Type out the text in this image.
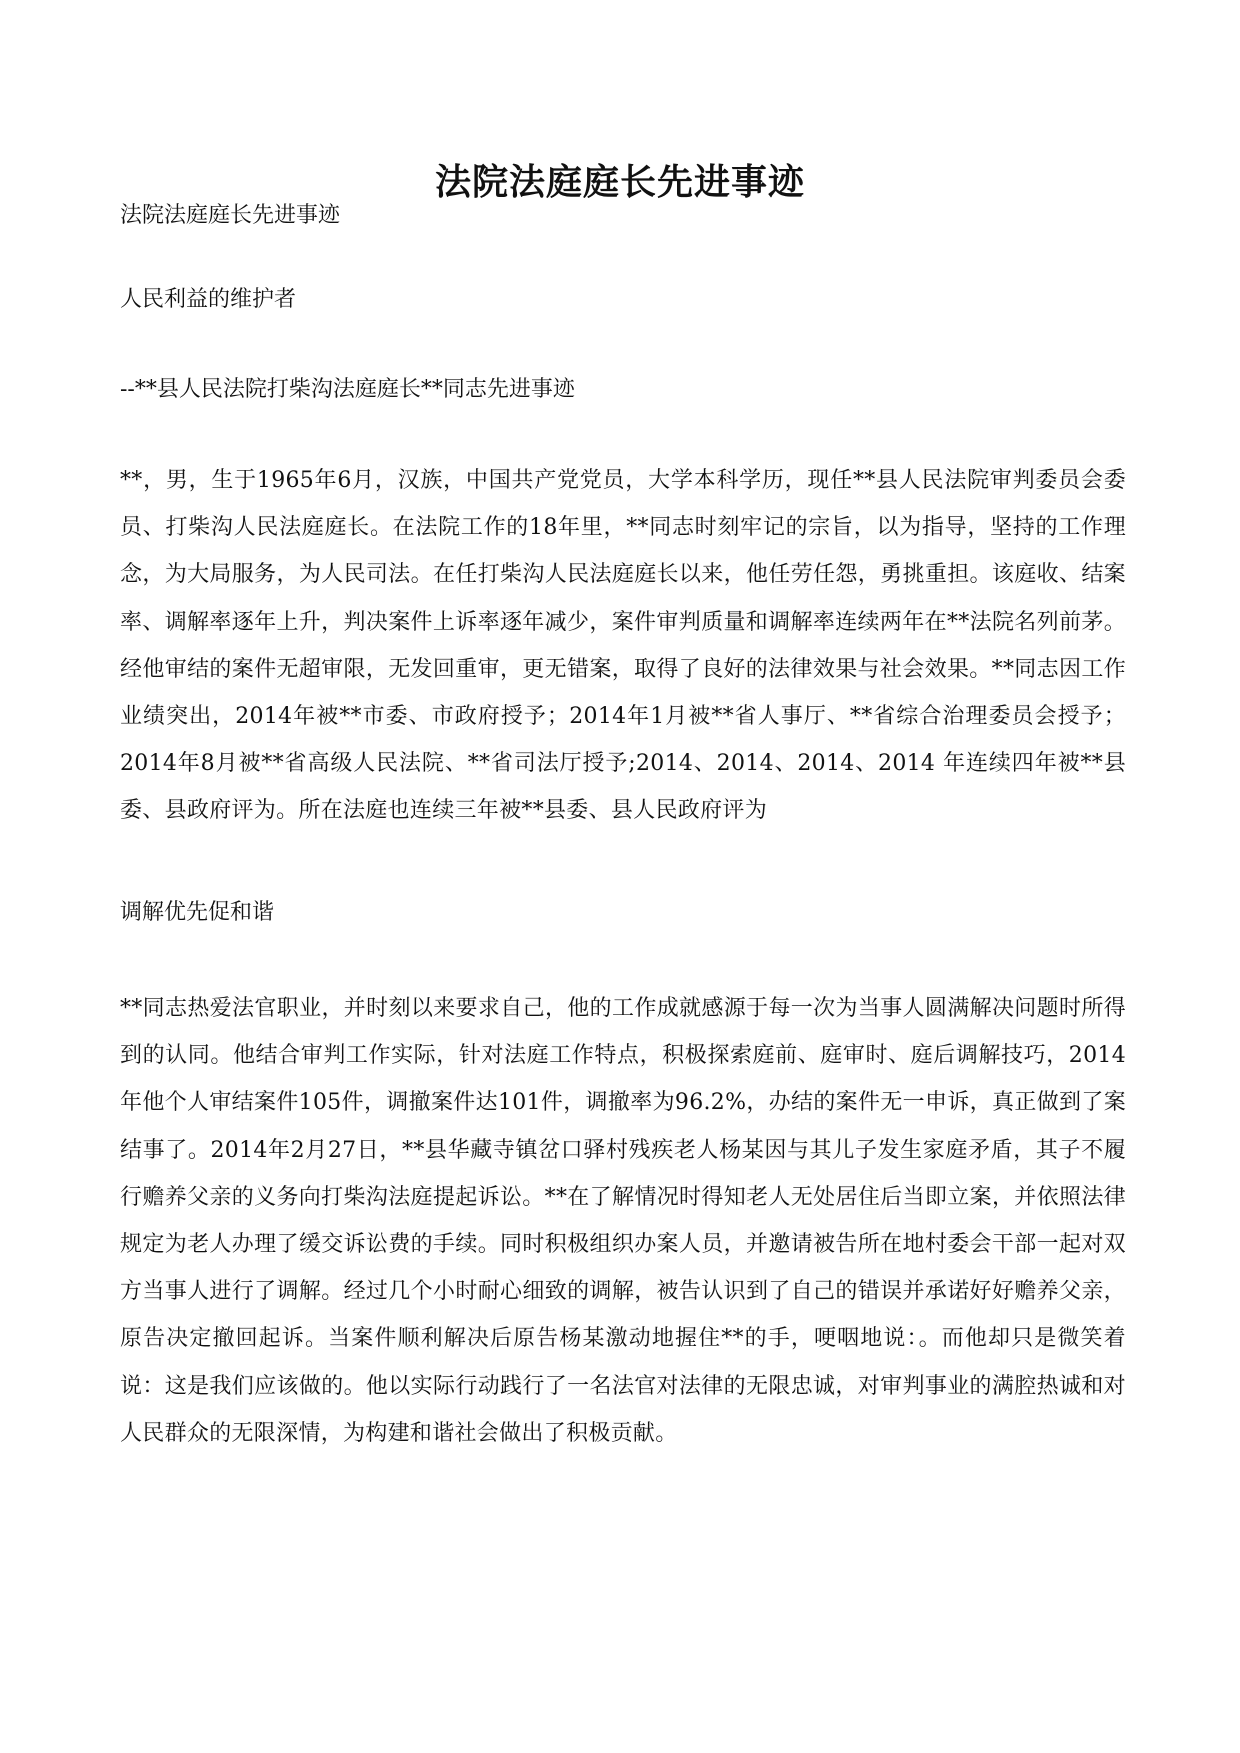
法院法庭庭长先进事迹
法院法庭庭长先进事迹
人民利益的维护者
--**县人民法院打柴沟法庭庭长**同志先进事迹
**，男，生于1965年6月，汉族，中国共产党党员，大学本科学历，现任**县人民法院审判委员会委员、打柴沟人民法庭庭长。在法院工作的18年里，**同志时刻牢记的宗旨，以为指导，坚持的工作理念，为大局服务，为人民司法。在任打柴沟人民法庭庭长以来，他任劳任怨，勇挑重担。该庭收、结案率、调解率逐年上升，判决案件上诉率逐年减少，案件审判质量和调解率连续两年在**法院名列前茅。经他审结的案件无超审限，无发回重审，更无错案，取得了良好的法律效果与社会效果。**同志因工作业绩突出，2014年被**市委、市政府授予；2014年1月被**省人事厅、**省综合治理委员会授予；2014年8月被**省高级人民法院、**省司法厅授予;2014、2014、2014、2014 年连续四年被**县委、县政府评为。所在法庭也连续三年被**县委、县人民政府评为
调解优先促和谐
**同志热爱法官职业，并时刻以来要求自己，他的工作成就感源于每一次为当事人圆满解决问题时所得到的认同。他结合审判工作实际，针对法庭工作特点，积极探索庭前、庭审时、庭后调解技巧，2014年他个人审结案件105件，调撤案件达101件，调撤率为96.2%，办结的案件无一申诉，真正做到了案结事了。2014年2月27日，**县华藏寺镇岔口驿村残疾老人杨某因与其儿子发生家庭矛盾，其子不履行赡养父亲的义务向打柴沟法庭提起诉讼。**在了解情况时得知老人无处居住后当即立案，并依照法律规定为老人办理了缓交诉讼费的手续。同时积极组织办案人员，并邀请被告所在地村委会干部一起对双方当事人进行了调解。经过几个小时耐心细致的调解，被告认识到了自己的错误并承诺好好赡养父亲，原告决定撤回起诉。当案件顺利解决后原告杨某激动地握住**的手，哽咽地说：。而他却只是微笑着说：这是我们应该做的。他以实际行动践行了一名法官对法律的无限忠诚，对审判事业的满腔热诚和对人民群众的无限深情，为构建和谐社会做出了积极贡献。
